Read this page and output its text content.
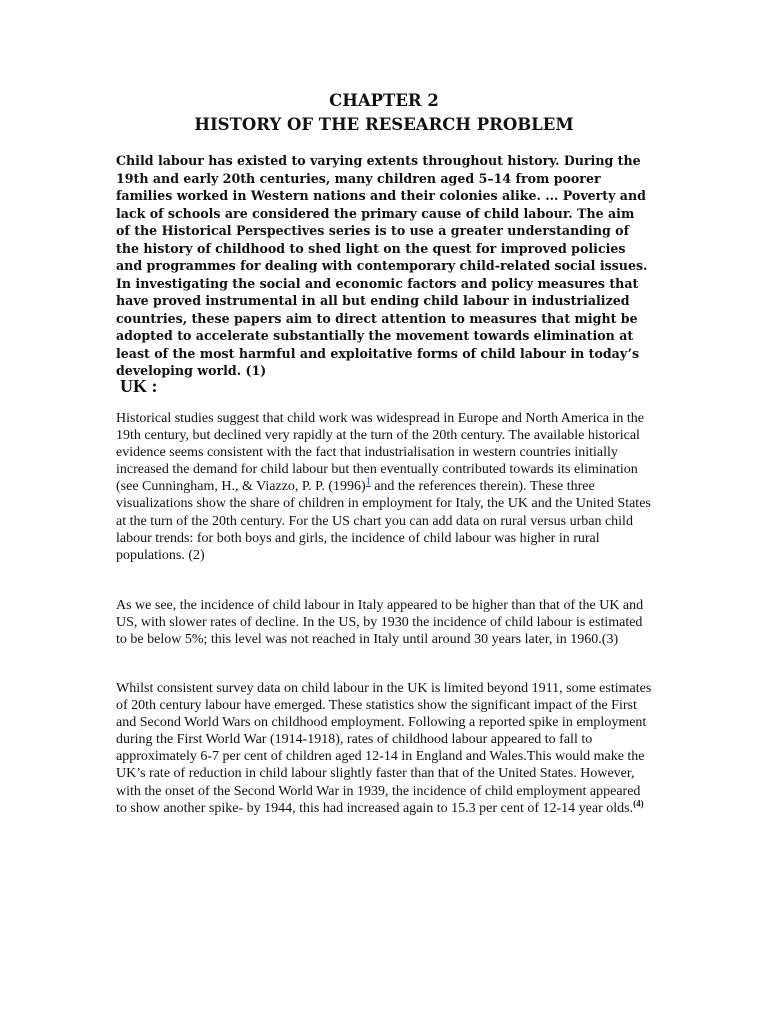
CHAPTER 2
HISTORY OF THE RESEARCH PROBLEM

Child labour has existed to varying extents throughout history. During the 19th and early 20th centuries, many children aged 5–14 from poorer families worked in Western nations and their colonies alike. ... Poverty and lack of schools are considered the primary cause of child labour. The aim of the Historical Perspectives series is to use a greater understanding of the history of childhood to shed light on the quest for improved policies and programmes for dealing with contemporary child-related social issues. In investigating the social and economic factors and policy measures that have proved instrumental in all but ending child labour in industrialized countries, these papers aim to direct attention to measures that might be adopted to accelerate substantially the movement towards elimination at least of the most harmful and exploitative forms of child labour in today’s developing world. (1)

UK :

Historical studies suggest that child work was widespread in Europe and North America in the 19th century, but declined very rapidly at the turn of the 20th century. The available historical evidence seems consistent with the fact that industrialisation in western countries initially increased the demand for child labour but then eventually contributed towards its elimination (see Cunningham, H., & Viazzo, P. P. (1996)$^1$ and the references therein). These three visualizations show the share of children in employment for Italy, the UK and the United States at the turn of the 20th century. For the US chart you can add data on rural versus urban child labour trends: for both boys and girls, the incidence of child labour was higher in rural populations. (2)

As we see, the incidence of child labour in Italy appeared to be higher than that of the UK and US, with slower rates of decline. In the US, by 1930 the incidence of child labour is estimated to be below 5%; this level was not reached in Italy until around 30 years later, in 1960.(3)

Whilst consistent survey data on child labour in the UK is limited beyond 1911, some estimates of 20th century labour have emerged. These statistics show the significant impact of the First and Second World Wars on childhood employment. Following a reported spike in employment during the First World War (1914-1918), rates of childhood labour appeared to fall to approximately 6-7 per cent of children aged 12-14 in England and Wales.This would make the UK’s rate of reduction in child labour slightly faster than that of the United States. However, with the onset of the Second World War in 1939, the incidence of child employment appeared to show another spike- by 1944, this had increased again to 15.3 per cent of 12-14 year olds.$^{(4)}$
